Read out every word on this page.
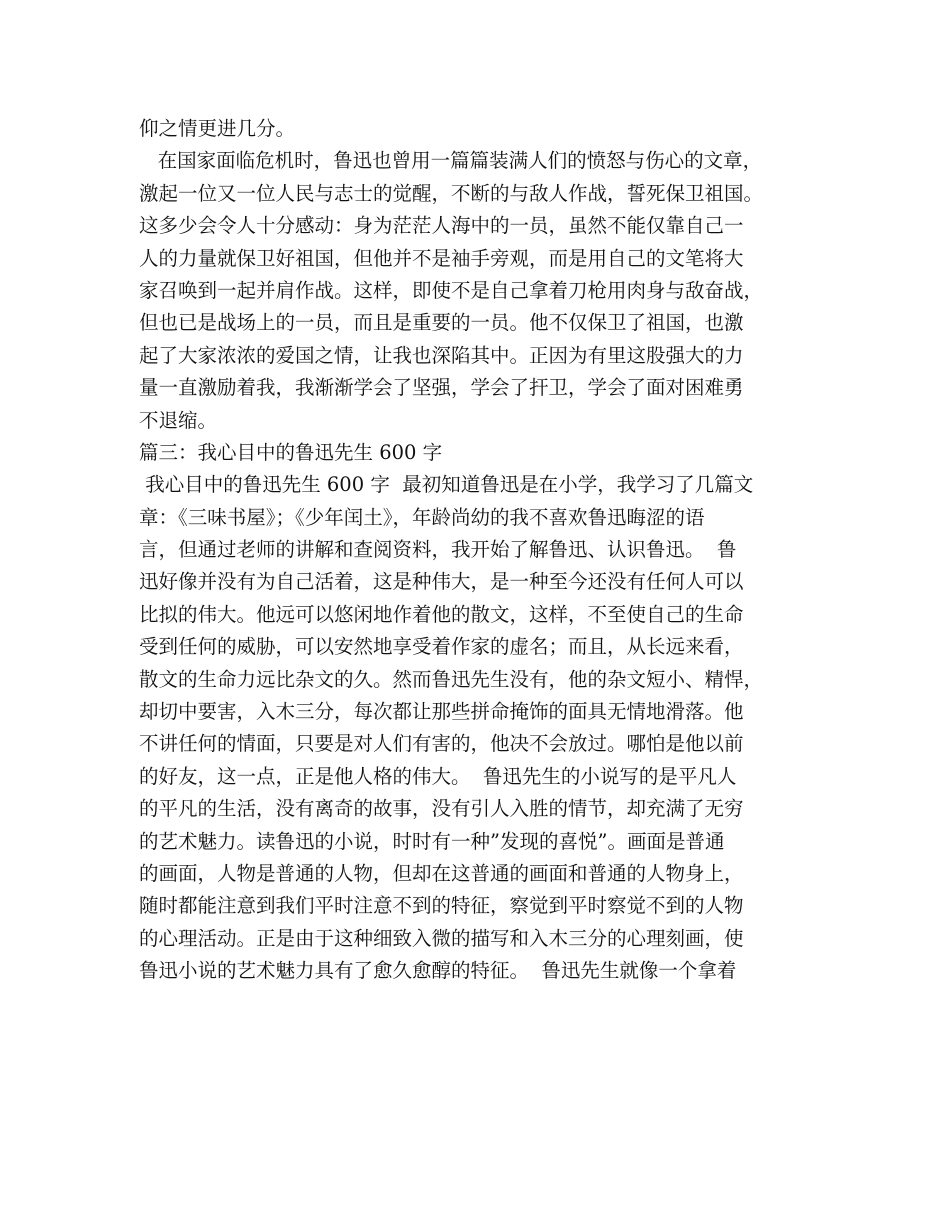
仰之情更进几分。
在国家面临危机时，鲁迅也曾用一篇篇装满人们的愤怒与伤心的文章，
激起一位又一位人民与志士的觉醒，不断的与敌人作战，誓死保卫祖国。
这多少会令人十分感动：身为茫茫人海中的一员，虽然不能仅靠自己一
人的力量就保卫好祖国，但他并不是袖手旁观，而是用自己的文笔将大
家召唤到一起并肩作战。这样，即使不是自己拿着刀枪用肉身与敌奋战，
但也已是战场上的一员，而且是重要的一员。他不仅保卫了祖国，也激
起了大家浓浓的爱国之情，让我也深陷其中。正因为有里这股强大的力
量一直激励着我，我渐渐学会了坚强，学会了扞卫，学会了面对困难勇
不退缩。
篇三：我心目中的鲁迅先生 600 字
我心目中的鲁迅先生 600 字  最初知道鲁迅是在小学，我学习了几篇文
章：《三味书屋》；《少年闰土》，年龄尚幼的我不喜欢鲁迅晦涩的语
言，但通过老师的讲解和查阅资料，我开始了解鲁迅、认识鲁迅。  鲁
迅好像并没有为自己活着，这是种伟大，是一种至今还没有任何人可以
比拟的伟大。他远可以悠闲地作着他的散文，这样，不至使自己的生命
受到任何的威胁，可以安然地享受着作家的虚名；而且，从长远来看，
散文的生命力远比杂文的久。然而鲁迅先生没有，他的杂文短小、精悍，
却切中要害，入木三分，每次都让那些拼命掩饰的面具无情地滑落。他
不讲任何的情面，只要是对人们有害的，他决不会放过。哪怕是他以前
的好友，这一点，正是他人格的伟大。  鲁迅先生的小说写的是平凡人
的平凡的生活，没有离奇的故事，没有引人入胜的情节，却充满了无穷
的艺术魅力。读鲁迅的小说，时时有一种”发现的喜悦”。画面是普通
的画面，人物是普通的人物，但却在这普通的画面和普通的人物身上，
随时都能注意到我们平时注意不到的特征，察觉到平时察觉不到的人物
的心理活动。正是由于这种细致入微的描写和入木三分的心理刻画，使
鲁迅小说的艺术魅力具有了愈久愈醇的特征。  鲁迅先生就像一个拿着
